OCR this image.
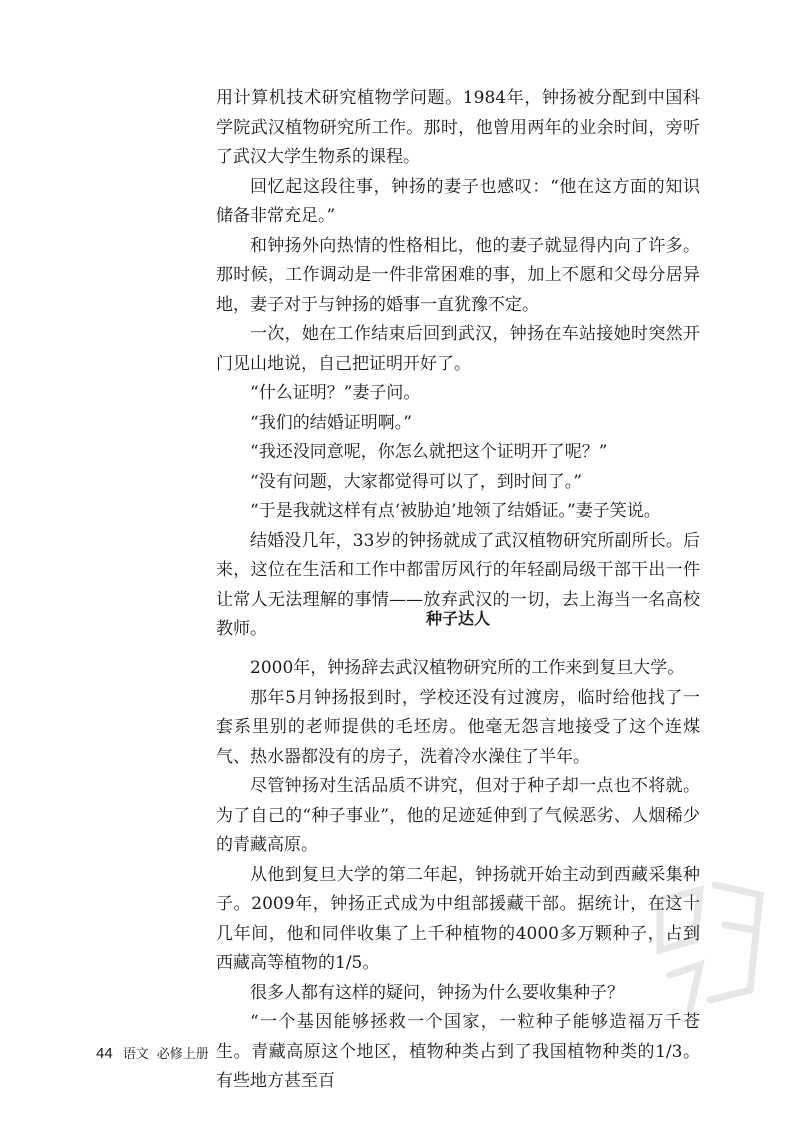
用计算机技术研究植物学问题。1984年，钟扬被分配到中国科学院武汉植物研究所工作。那时，他曾用两年的业余时间，旁听了武汉大学生物系的课程。

回忆起这段往事，钟扬的妻子也感叹：“他在这方面的知识储备非常充足。”

和钟扬外向热情的性格相比，他的妻子就显得内向了许多。那时候，工作调动是一件非常困难的事，加上不愿和父母分居异地，妻子对于与钟扬的婚事一直犹豫不定。

一次，她在工作结束后回到武汉，钟扬在车站接她时突然开门见山地说，自己把证明开好了。

“什么证明？”妻子问。

“我们的结婚证明啊。”

“我还没同意呢，你怎么就把这个证明开了呢？”

“没有问题，大家都觉得可以了，到时间了。”

“于是我就这样有点‘被胁迫’地领了结婚证。”妻子笑说。

结婚没几年，33岁的钟扬就成了武汉植物研究所副所长。后来，这位在生活和工作中都雷厉风行的年轻副局级干部干出一件让常人无法理解的事情——放弃武汉的一切，去上海当一名高校教师。

种子达人

2000年，钟扬辞去武汉植物研究所的工作来到复旦大学。

那年5月钟扬报到时，学校还没有过渡房，临时给他找了一套系里别的老师提供的毛坯房。他毫无怨言地接受了这个连煤气、热水器都没有的房子，洗着冷水澡住了半年。

尽管钟扬对生活品质不讲究，但对于种子却一点也不将就。为了自己的“种子事业”，他的足迹延伸到了气候恶劣、人烟稀少的青藏高原。

从他到复旦大学的第二年起，钟扬就开始主动到西藏采集种子。2009年，钟扬正式成为中组部援藏干部。据统计，在这十几年间，他和同伴收集了上千种植物的4000多万颗种子，占到西藏高等植物的1/5。

很多人都有这样的疑问，钟扬为什么要收集种子？

“一个基因能够拯救一个国家，一粒种子能够造福万千苍生。青藏高原这个地区，植物种类占到了我国植物种类的1/3。有些地方甚至百

44 语文 必修上册
